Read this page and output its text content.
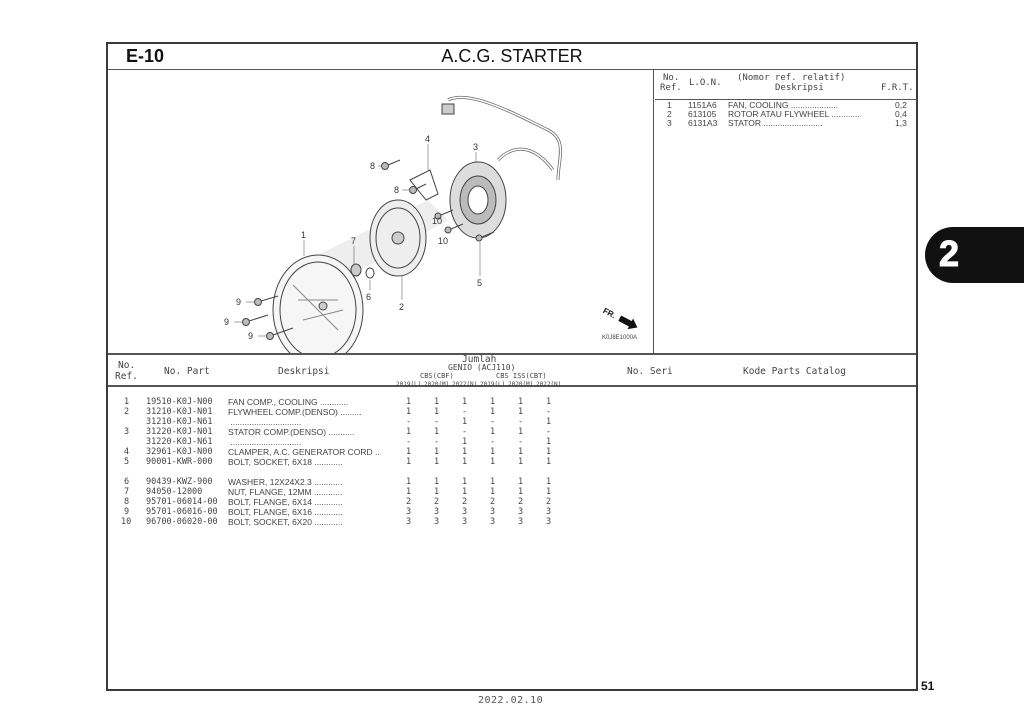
E-10	A.C.G. STARTER
4
3
8
8
10
10
5
1
7
6
2
9
9
9
FR.
K0J8E1000A
No.
Ref. L.O.N. (Nomor ref. relatif)
Deskripsi	F.R.T.
1 1151A6 FAN, COOLING ....................	0,2
2 613105 ROTOR ATAU FLYWHEEL ............	0,4
3 6131A3 STATOR .........................	1,3
No.
Ref.	No. Part	Deskripsi
Jumlah
GENIO (ACJ110)
CBS(CBF)	CBS ISS(CBT)
2019(L) 2020(M) 2022(N) 2019(L) 2020(M) 2022(N)
No. Seri	Kode Parts Catalog
1 19510-K0J-N00 FAN COMP., COOLING ............	1	1	1	1	1	1
2 31210-K0J-N01 FLYWHEEL COMP.(DENSO) .........	1	1	-	1	1	-
31210-K0J-N61 ..............................	-	-	1	-	-	1
3 31220-K0J-N01 STATOR COMP.(DENSO) ...........	1	1	-	1	1	-
31220-K0J-N61 ..............................	-	-	1	-	-	1
4 32961-K0J-N00 CLAMPER, A.C. GENERATOR CORD ..	1	1	1	1	1	1
5 90001-KWR-000 BOLT, SOCKET, 6X18 ............	1	1	1	1	1	1
6 90439-KWZ-900 WASHER, 12X24X2.3 ............	1	1	1	1	1	1
7 94050-12000	NUT, FLANGE, 12MM ............	1	1	1	1	1	1
8 95701-06014-00 BOLT, FLANGE, 6X14 ............	2	2	2	2	2	2
9 95701-06016-00 BOLT, FLANGE, 6X16 ............	3	3	3	3	3	3
10 96700-06020-00 BOLT, SOCKET, 6X20 ............	3	3	3	3	3	3
2
51
2022.02.10
